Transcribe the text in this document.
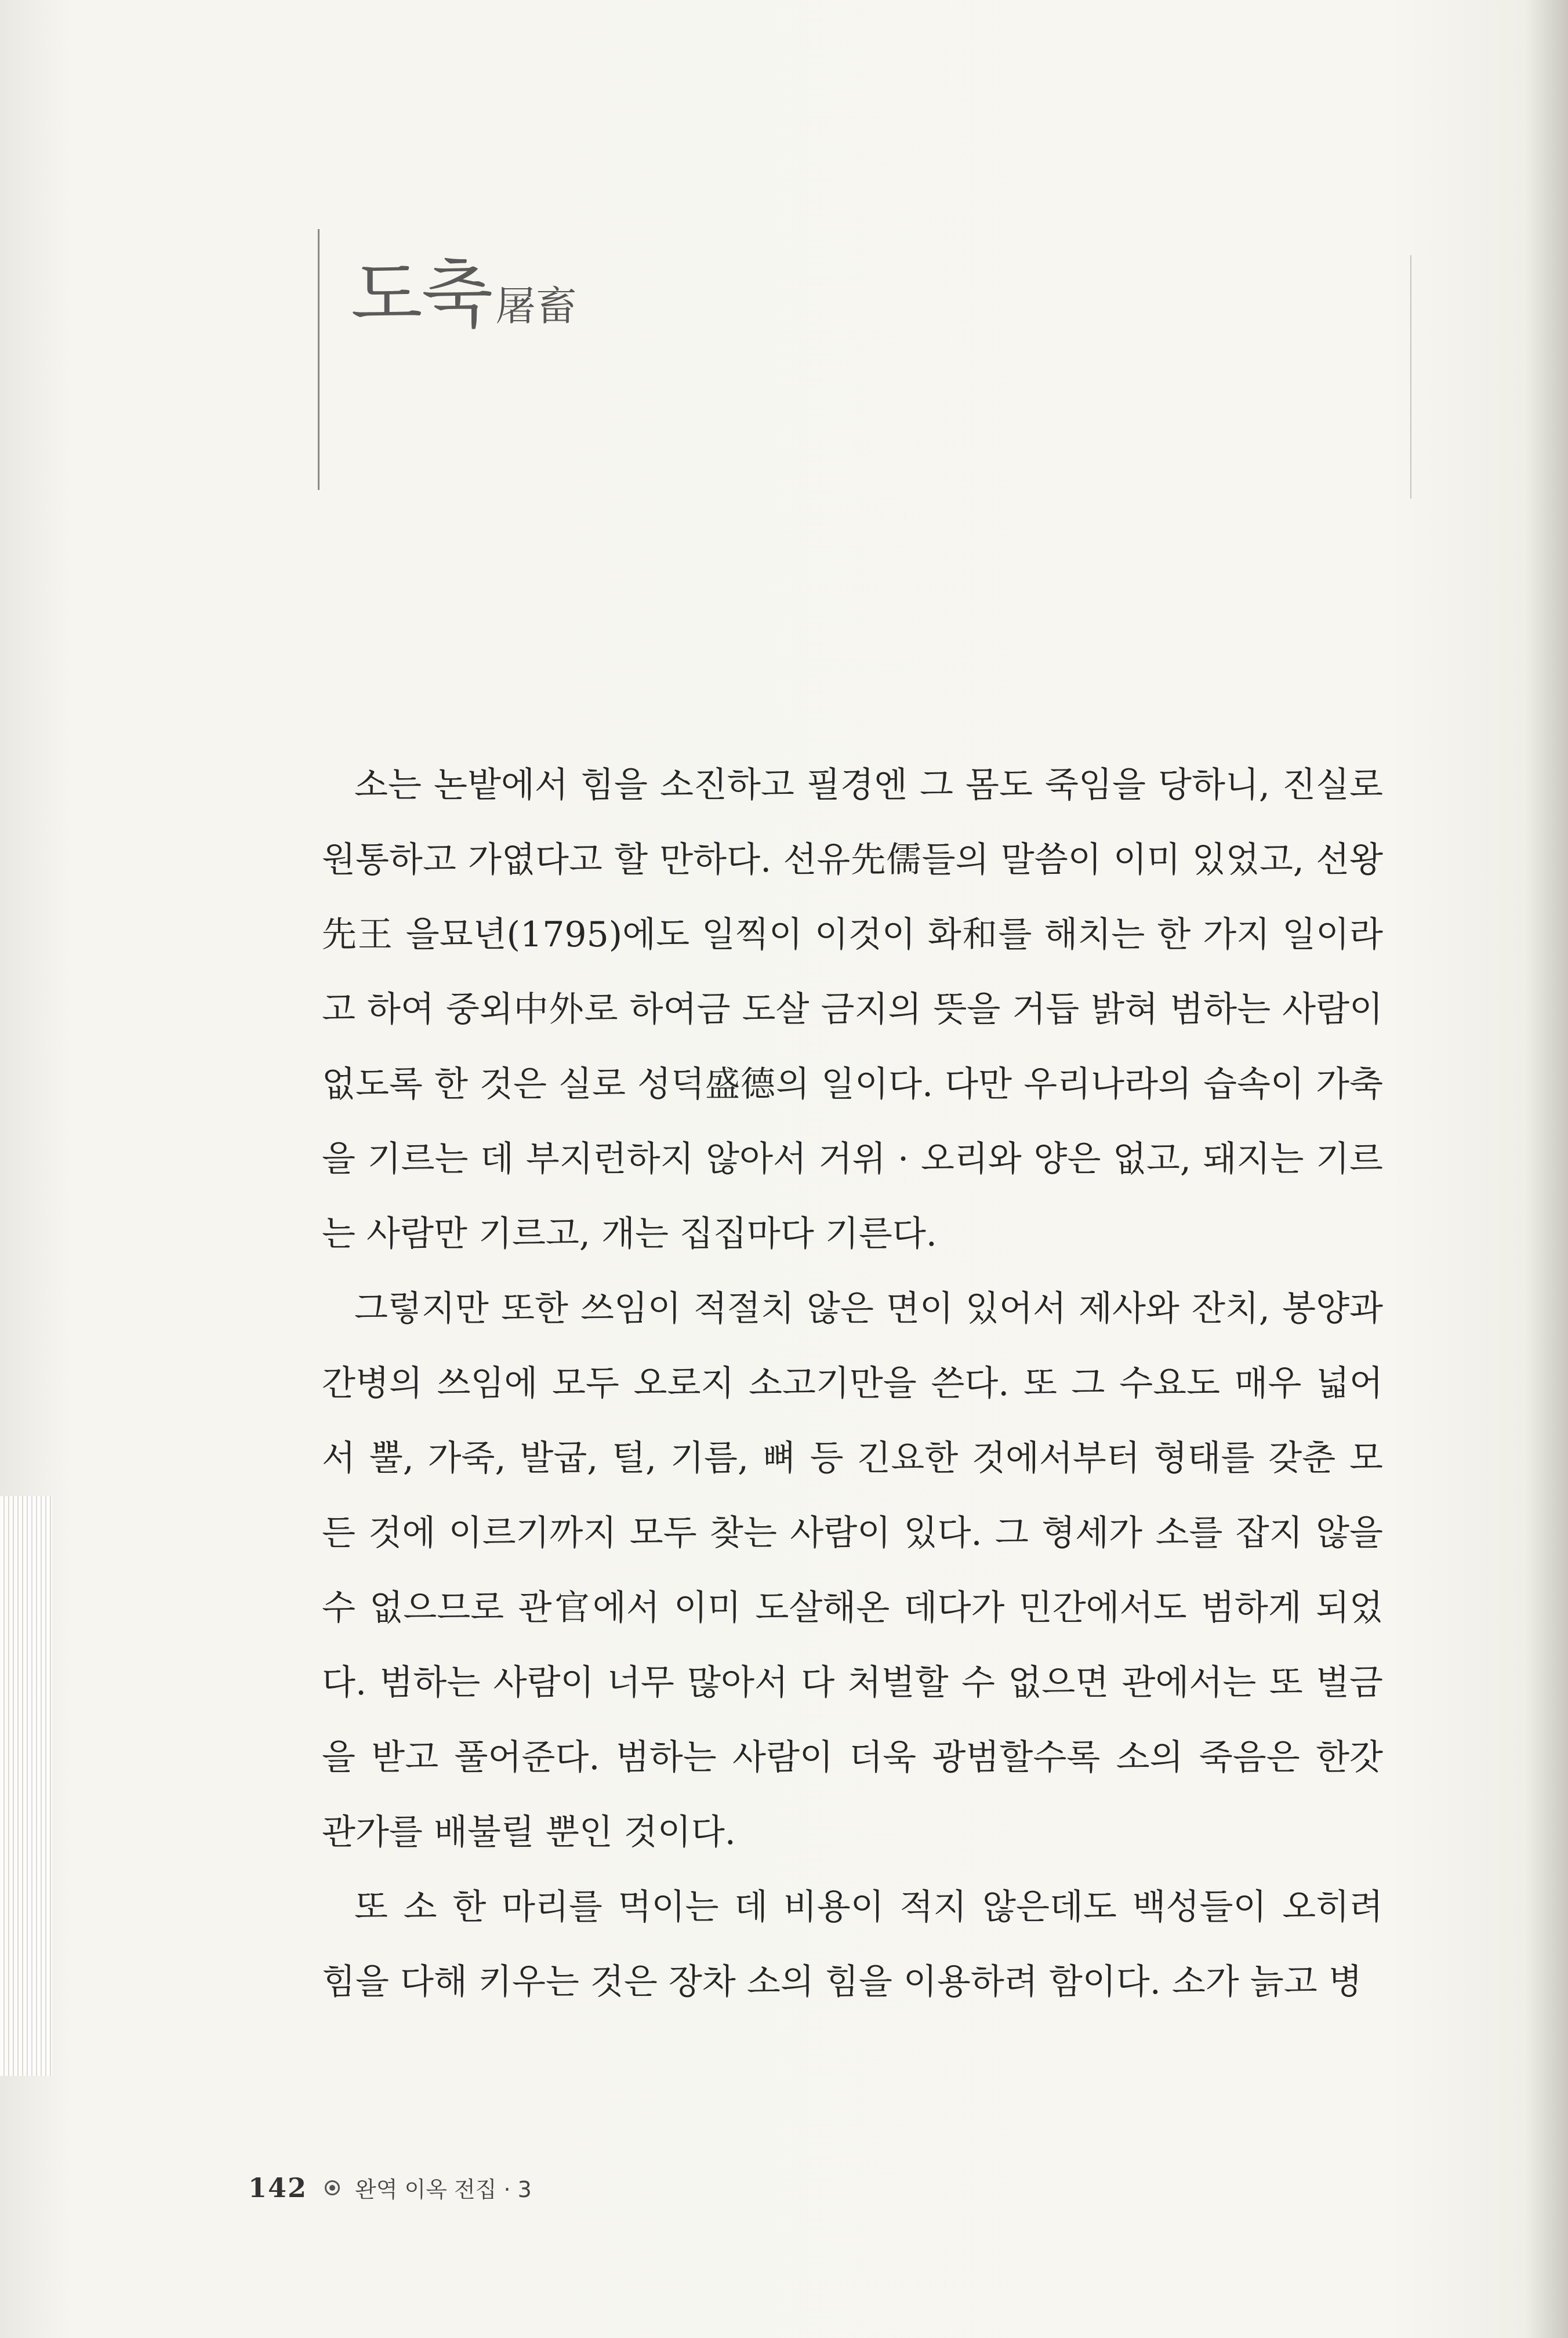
도축屠畜

소는 논밭에서 힘을 소진하고 필경엔 그 몸도 죽임을 당하니, 진실로 원통하고 가엾다고 할 만하다. 선유先儒들의 말씀이 이미 있었고, 선왕先王 을묘년(1795)에도 일찍이 이것이 화和를 해치는 한 가지 일이라고 하여 중외中外로 하여금 도살 금지의 뜻을 거듭 밝혀 범하는 사람이 없도록 한 것은 실로 성덕盛德의 일이다. 다만 우리나라의 습속이 가축을 기르는 데 부지런하지 않아서 거위 · 오리와 양은 없고, 돼지는 기르는 사람만 기르고, 개는 집집마다 기른다.

그렇지만 또한 쓰임이 적절치 않은 면이 있어서 제사와 잔치, 봉양과 간병의 쓰임에 모두 오로지 소고기만을 쓴다. 또 그 수요도 매우 넓어서 뿔, 가죽, 발굽, 털, 기름, 뼈 등 긴요한 것에서부터 형태를 갖춘 모든 것에 이르기까지 모두 찾는 사람이 있다. 그 형세가 소를 잡지 않을 수 없으므로 관官에서 이미 도살해온 데다가 민간에서도 범하게 되었다. 범하는 사람이 너무 많아서 다 처벌할 수 없으면 관에서는 또 벌금을 받고 풀어준다. 범하는 사람이 더욱 광범할수록 소의 죽음은 한갓 관가를 배불릴 뿐인 것이다.

또 소 한 마리를 먹이는 데 비용이 적지 않은데도 백성들이 오히려 힘을 다해 키우는 것은 장차 소의 힘을 이용하려 함이다. 소가 늙고 병

142 완역 이옥 전집 · 3
